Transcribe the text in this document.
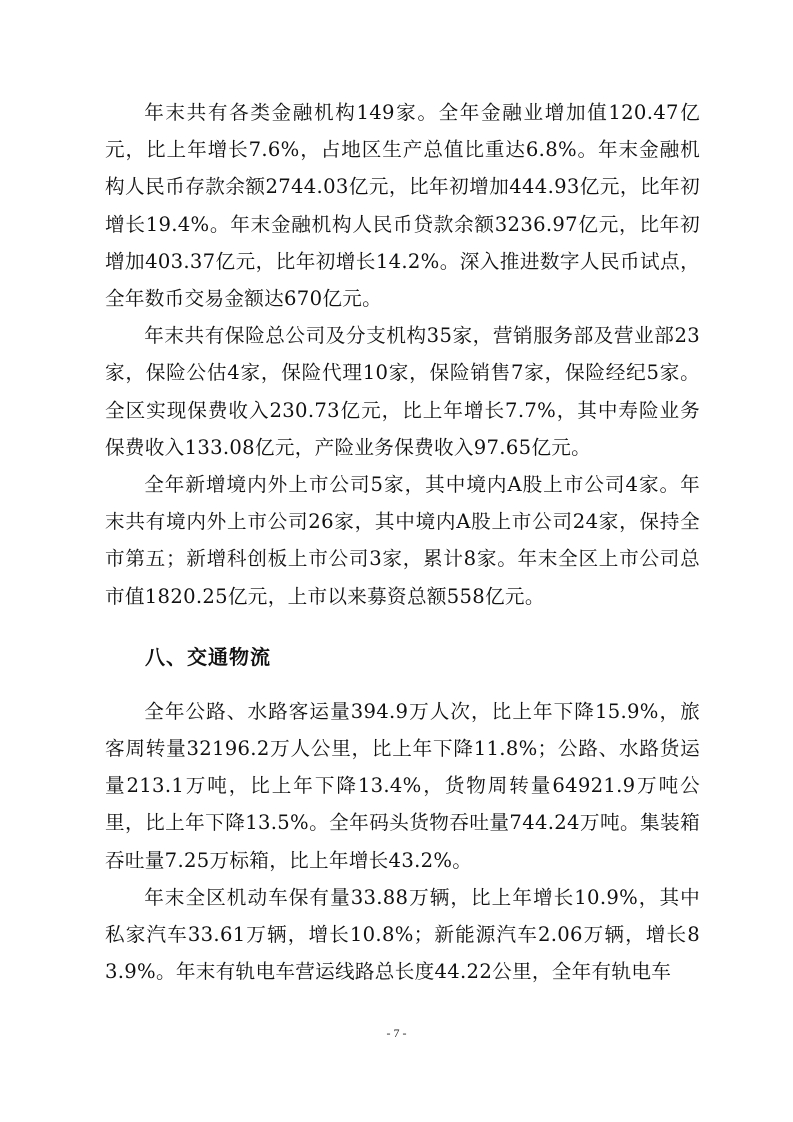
年末共有各类金融机构149家。全年金融业增加值120.47亿元，比上年增长7.6%，占地区生产总值比重达6.8%。年末金融机构人民币存款余额2744.03亿元，比年初增加444.93亿元，比年初增长19.4%。年末金融机构人民币贷款余额3236.97亿元，比年初增加403.37亿元，比年初增长14.2%。深入推进数字人民币试点，全年数币交易金额达670亿元。

年末共有保险总公司及分支机构35家，营销服务部及营业部23家，保险公估4家，保险代理10家，保险销售7家，保险经纪5家。全区实现保费收入230.73亿元，比上年增长7.7%，其中寿险业务保费收入133.08亿元，产险业务保费收入97.65亿元。

全年新增境内外上市公司5家，其中境内A股上市公司4家。年末共有境内外上市公司26家，其中境内A股上市公司24家，保持全市第五；新增科创板上市公司3家，累计8家。年末全区上市公司总市值1820.25亿元，上市以来募资总额558亿元。

八、交通物流

全年公路、水路客运量394.9万人次，比上年下降15.9%，旅客周转量32196.2万人公里，比上年下降11.8%；公路、水路货运量213.1万吨，比上年下降13.4%，货物周转量64921.9万吨公里，比上年下降13.5%。全年码头货物吞吐量744.24万吨。集装箱吞吐量7.25万标箱，比上年增长43.2%。

年末全区机动车保有量33.88万辆，比上年增长10.9%，其中私家汽车33.61万辆，增长10.8%；新能源汽车2.06万辆，增长83.9%。年末有轨电车营运线路总长度44.22公里，全年有轨电车

- 7 -
